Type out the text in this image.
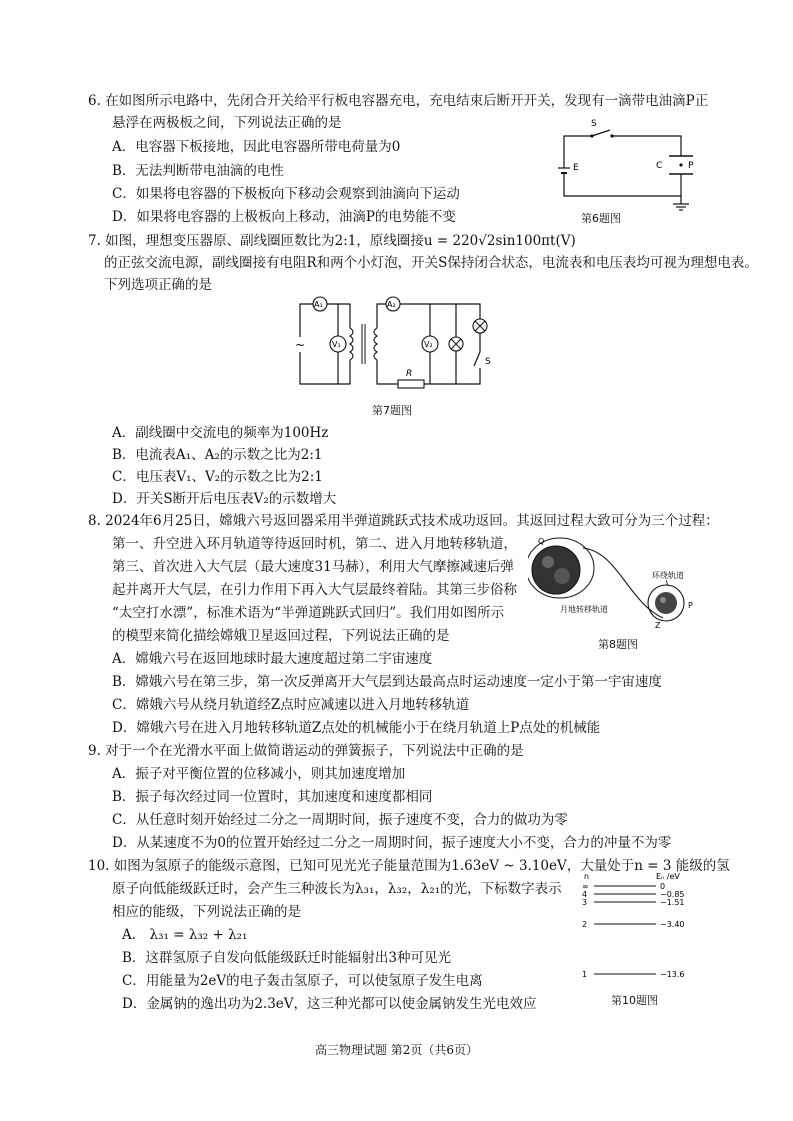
6. 在如图所示电路中，先闭合开关给平行板电容器充电，充电结束后断开开关，发现有一滴带电油滴P正
悬浮在两极板之间，下列说法正确的是
A．电容器下板接地，因此电容器所带电荷量为0
B．无法判断带电油滴的电性
C．如果将电容器的下极板向下移动会观察到油滴向下运动
D．如果将电容器的上极板向上移动，油滴P的电势能不变
S
E	C	P
第6题图
7. 如图，理想变压器原、副线圈匝数比为2:1，原线圈接u = 220√2sin100πt(V)
的正弦交流电源，副线圈接有电阻R和两个小灯泡，开关S保持闭合状态，电流表和电压表均可视为理想电表。
下列选项正确的是
~
A₁
V₁
A₂
V₂
S
R
第7题图
A．副线圈中交流电的频率为100Hz
B．电流表A₁、A₂的示数之比为2:1
C．电压表V₁、V₂的示数之比为2:1
D．开关S断开后电压表V₂的示数增大
8. 2024年6月25日，嫦娥六号返回器采用半弹道跳跃式技术成功返回。其返回过程大致可分为三个过程：
第一、升空进入环月轨道等待返回时机，第二、进入月地转移轨道，
第三、首次进入大气层（最大速度31马赫），利用大气摩擦减速后弹
起并离开大气层，在引力作用下再入大气层最终着陆。其第三步俗称
“太空打水漂”，标准术语为“半弹道跳跃式回归”。我们用如图所示
的模型来简化描绘嫦娥卫星返回过程，下列说法正确的是
Q
环绕轨道
月地转移轨道
Z
P
第8题图
A．嫦娥六号在返回地球时最大速度超过第二宇宙速度
B．嫦娥六号在第三步，第一次反弹离开大气层到达最高点时运动速度一定小于第一宇宙速度
C．嫦娥六号从绕月轨道经Z点时应减速以进入月地转移轨道
D．嫦娥六号在进入月地转移轨道Z点处的机械能小于在绕月轨道上P点处的机械能
9. 对于一个在光滑水平面上做简谐运动的弹簧振子，下列说法中正确的是
A．振子对平衡位置的位移减小，则其加速度增加
B．振子每次经过同一位置时，其加速度和速度都相同
C．从任意时刻开始经过二分之一周期时间，振子速度不变，合力的做功为零
D．从某速度不为0的位置开始经过二分之一周期时间，振子速度大小不变，合力的冲量不为零
10. 如图为氢原子的能级示意图，已知可见光光子能量范围为1.63eV ~ 3.10eV，大量处于n = 3 能级的氢
原子向低能级跃迁时，会产生三种波长为λ₃₁，λ₃₂，λ₂₁的光，下标数字表示
相应的能级，下列说法正确的是
A． λ₃₁ = λ₃₂ + λ₂₁
B．这群氢原子自发向低能级跃迁时能辐射出3种可见光
C．用能量为2eV的电子轰击氢原子，可以使氢原子发生电离
D．金属钠的逸出功为2.3eV，这三种光都可以使金属钠发生光电效应
n	Eₙ /eV
∞	0
4	−0.85
3	−1.51
2	−3.40
1	−13.6
第10题图
高三物理试题 第2页（共6页）
